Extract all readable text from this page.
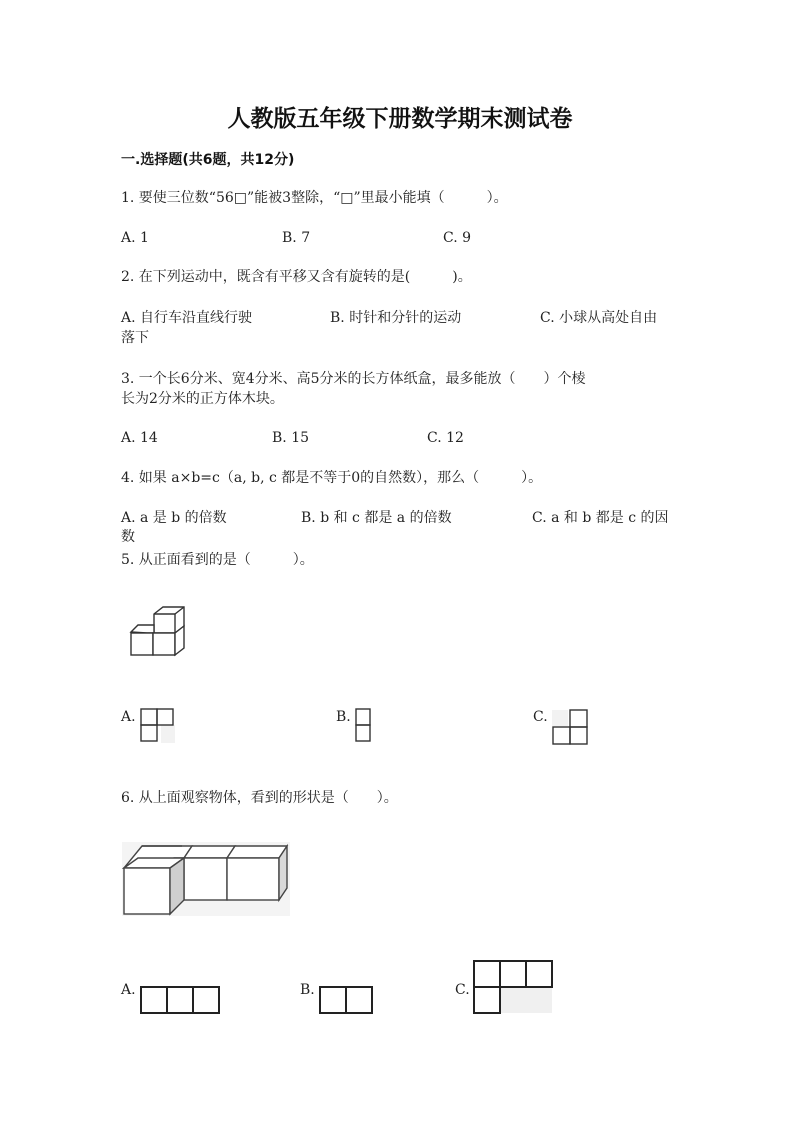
人教版五年级下册数学期末测试卷
一.选择题(共6题，共12分)
1. 要使三位数“56□”能被3整除，“□”里最小能填（　　　）。
A. 1	B. 7	C. 9
2. 在下列运动中，既含有平移又含有旋转的是(　　　)。
A. 自行车沿直线行驶	B. 时针和分针的运动	C. 小球从高处自由
落下
3. 一个长6分米、宽4分米、高5分米的长方体纸盒，最多能放（　　）个棱
长为2分米的正方体木块。
A. 14	B. 15	C. 12
4. 如果 a×b=c（a, b, c 都是不等于0的自然数），那么（　　　）。
A. a 是 b 的倍数	B. b 和 c 都是 a 的倍数	C. a 和 b 都是 c 的因
数
5. 从正面看到的是（　　　）。
A.	B.	C.
6. 从上面观察物体，看到的形状是（　　）。
A.	B.	C.
